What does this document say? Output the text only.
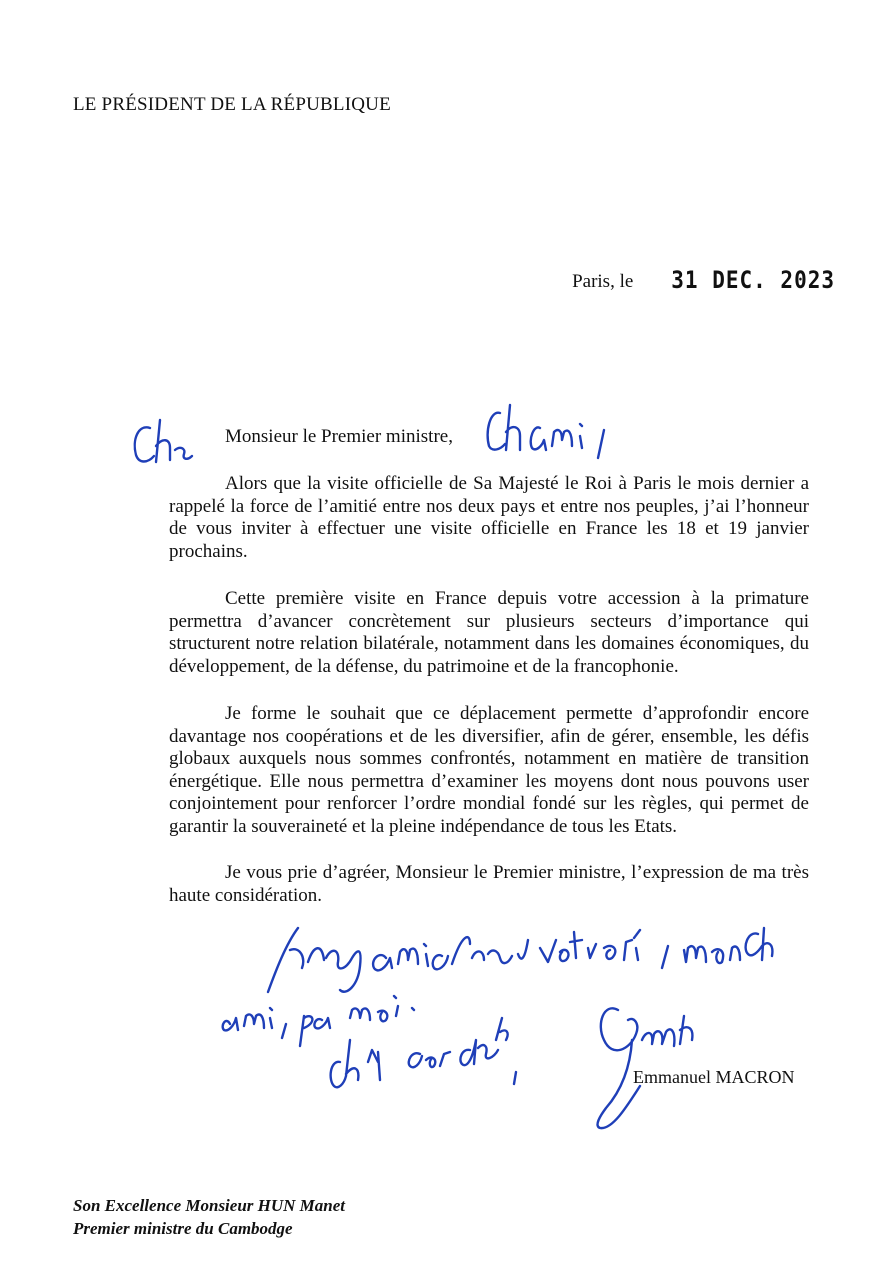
LE PRÉSIDENT DE LA RÉPUBLIQUE
Paris, le 31 DEC. 2023
Monsieur le Premier ministre,

Alors que la visite officielle de Sa Majesté le Roi à Paris le mois dernier a rappelé la force de l’amitié entre nos deux pays et entre nos peuples, j’ai l’honneur de vous inviter à effectuer une visite officielle en France les 18 et 19 janvier prochains.

Cette première visite en France depuis votre accession à la primature permettra d’avancer concrètement sur plusieurs secteurs d’importance qui structurent notre relation bilatérale, notamment dans les domaines économiques, du développement, de la défense, du patrimoine et de la francophonie.

Je forme le souhait que ce déplacement permette d’approfondir encore davantage nos coopérations et de les diversifier, afin de gérer, ensemble, les défis globaux auxquels nous sommes confrontés, notamment en matière de transition énergétique. Elle nous permettra d’examiner les moyens dont nous pouvons user conjointement pour renforcer l’ordre mondial fondé sur les règles, qui permet de garantir la souveraineté et la pleine indépendance de tous les Etats.

Je vous prie d’agréer, Monsieur le Premier ministre, l’expression de ma très haute considération.

Emmanuel MACRON
Son Excellence Monsieur HUN Manet
Premier ministre du Cambodge
